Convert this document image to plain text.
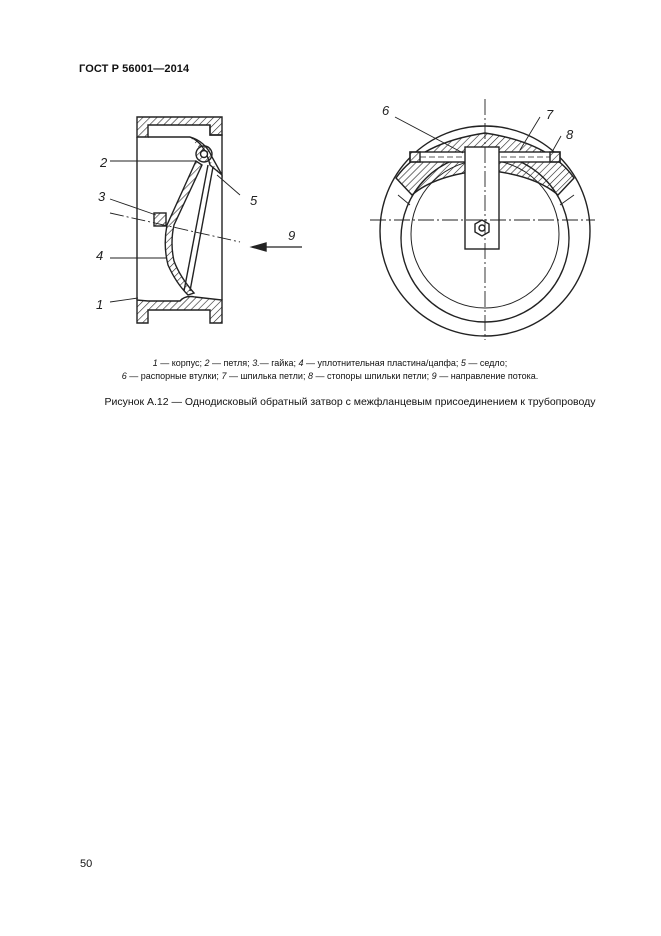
ГОСТ Р 56001—2014
2
3
4
1
5
9
6	7
8
1 — корпус; 2 — петля; 3.— гайка; 4 — уплотнительная пластина/цапфа; 5 — седло;
6 — распорные втулки; 7 — шпилька петли; 8 — стопоры шпильки петли; 9 — направление потока.
Рисунок А.12 — Однодисковый обратный затвор с межфланцевым присоединением к трубопроводу
50
